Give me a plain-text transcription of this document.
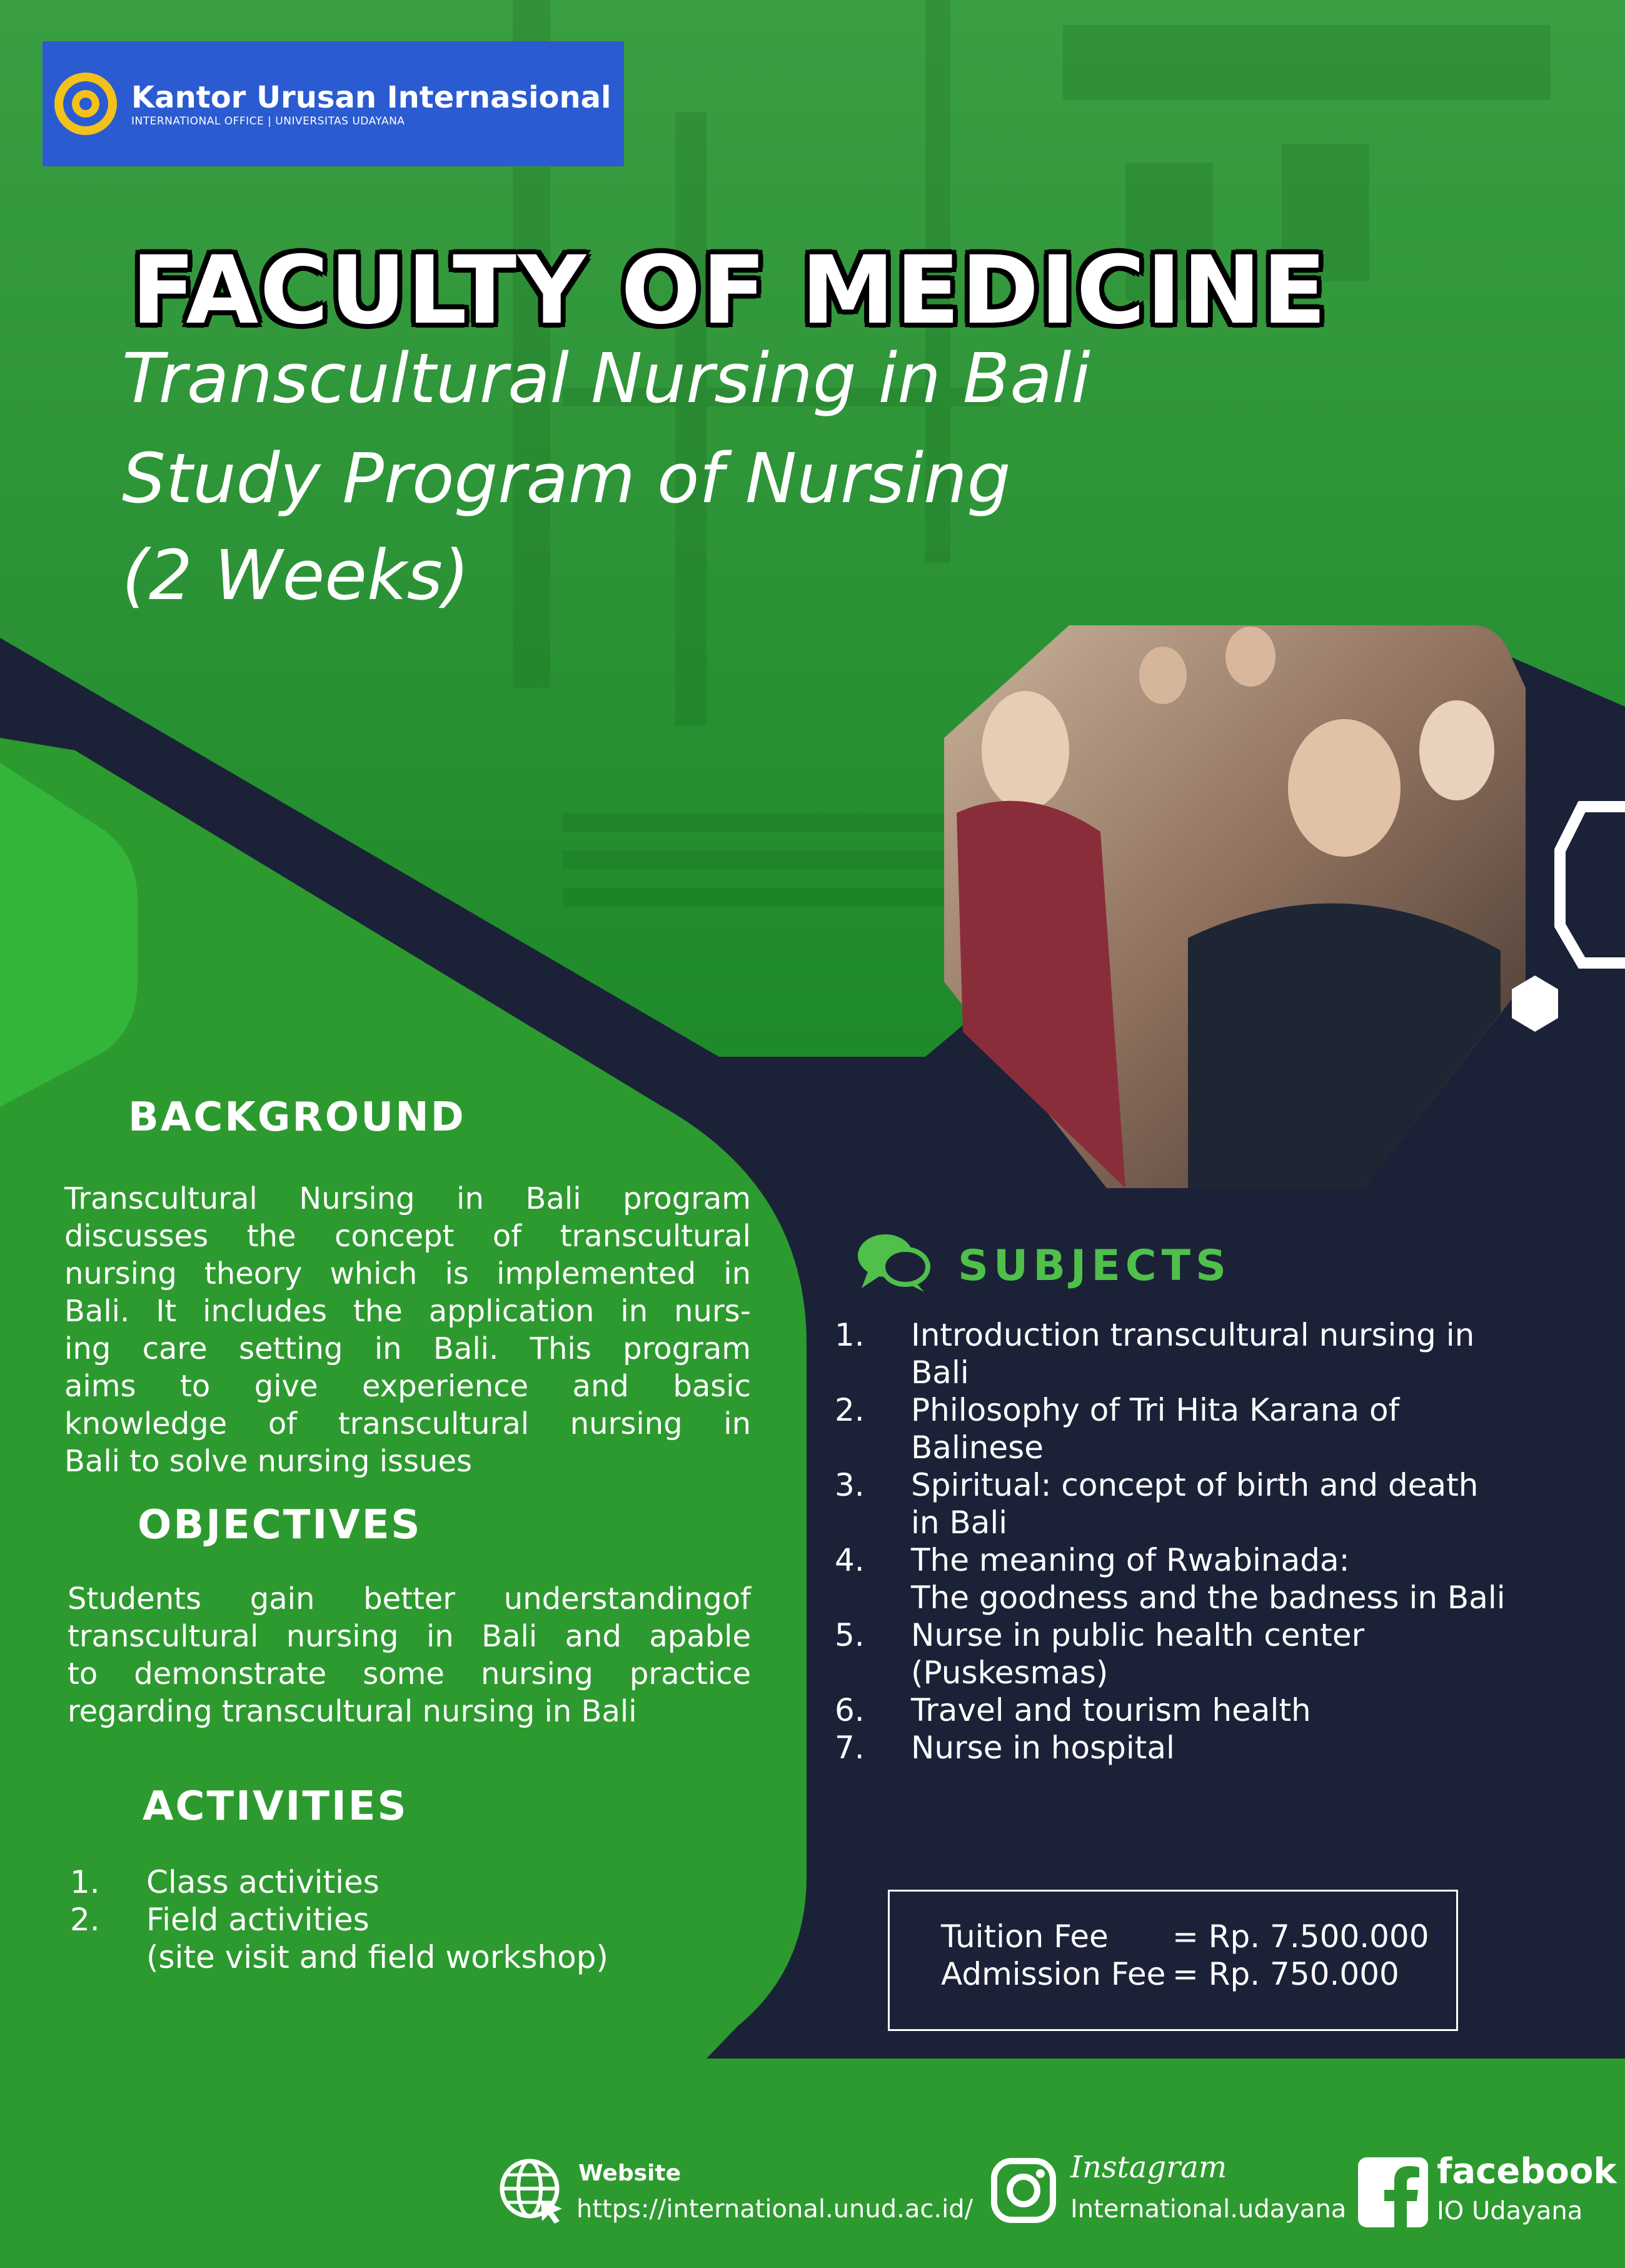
Kantor Urusan Internasional
INTERNATIONAL OFFICE | UNIVERSITAS UDAYANA
FACULTY OF MEDICINE
Transcultural Nursing in Bali
Study Program of Nursing
(2 Weeks)
BACKGROUND
Transcultural Nursing in Bali program
discusses the concept of transcultural
nursing theory which is implemented in
Bali. It includes the application in nurs-
ing care setting in Bali. This program
aims to give experience and basic
knowledge of transcultural nursing in
Bali to solve nursing issues
OBJECTIVES
Students gain better understandingof
transcultural nursing in Bali and apable
to demonstrate some nursing practice
regarding transcultural nursing in Bali
ACTIVITIES
1.	Class activities
2.	Field activities
(site visit and field workshop)
SUBJECTS
1.	Introduction transcultural nursing in
Bali
2.	Philosophy of Tri Hita Karana of
Balinese
3.	Spiritual: concept of birth and death
in Bali
4.	The meaning of Rwabinada:
The goodness and the badness in Bali
5.	Nurse in public health center
(Puskesmas)
6.	Travel and tourism health
7.	Nurse in hospital
Tuition Fee = Rp. 7.500.000
Admission Fee = Rp. 750.000
Website
https://international.unud.ac.id/
Instagram
International.udayana
facebook
IO Udayana
